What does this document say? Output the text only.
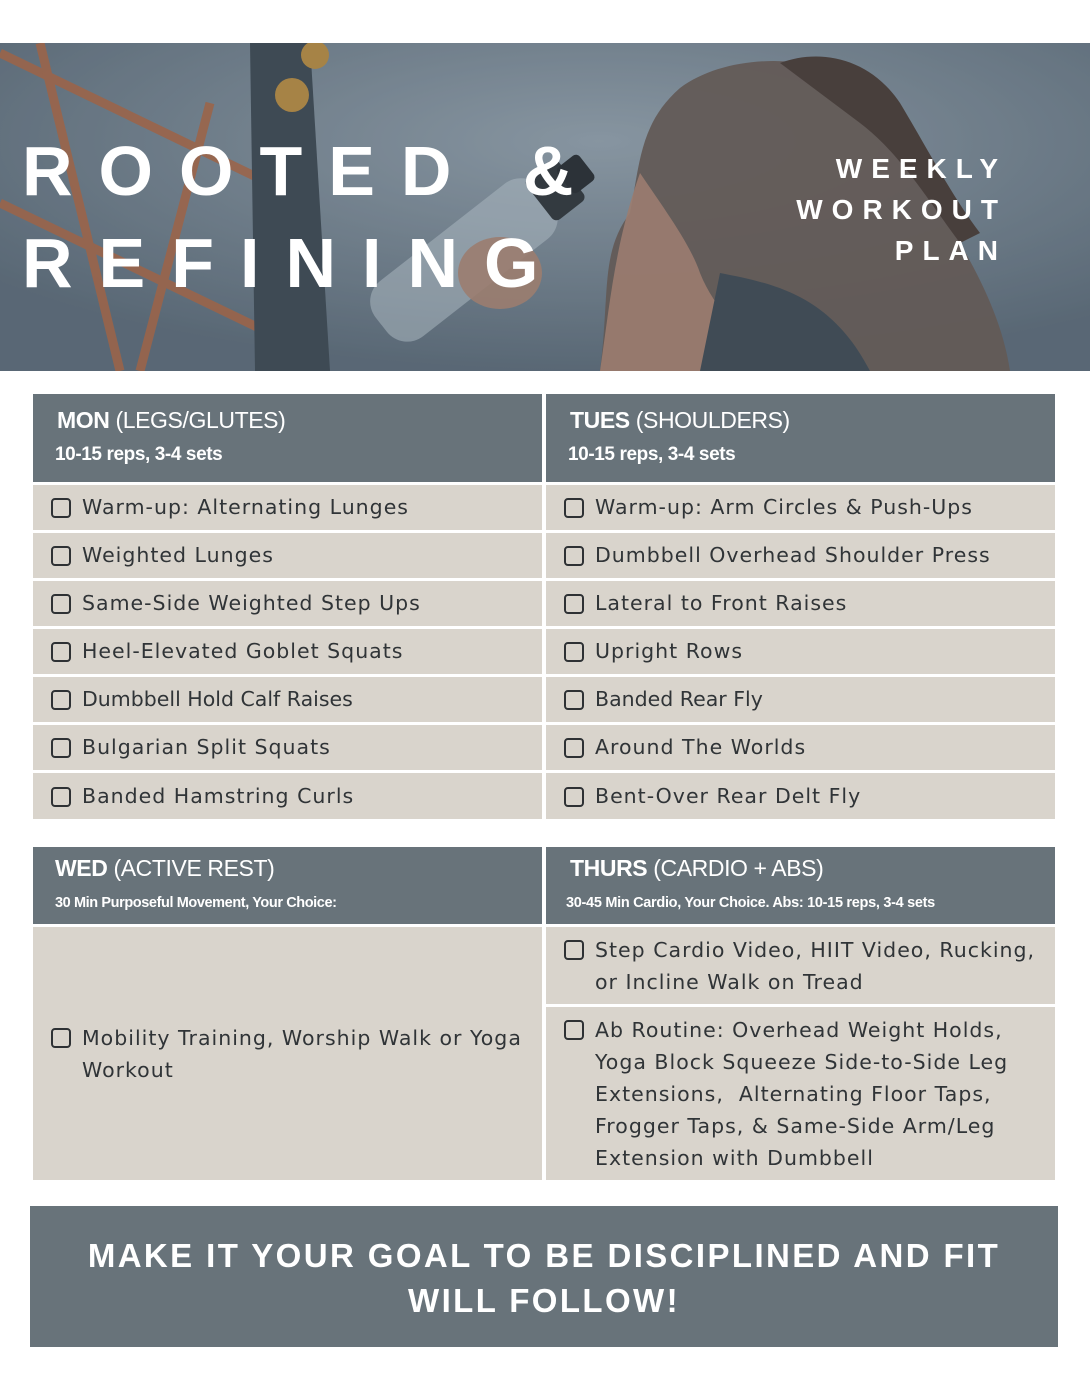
ROOTED &
REFINING
WEEKLY
WORKOUT
PLAN
MON (LEGS/GLUTES)
10-15 reps, 3-4 sets
Warm-up: Alternating Lunges
Weighted Lunges
Same-Side Weighted Step Ups
Heel-Elevated Goblet Squats
Dumbbell Hold Calf Raises
Bulgarian Split Squats
Banded Hamstring Curls
TUES (SHOULDERS)
10-15 reps, 3-4 sets
Warm-up: Arm Circles & Push-Ups
Dumbbell Overhead Shoulder Press
Lateral to Front Raises
Upright Rows
Banded Rear Fly
Around The Worlds
Bent-Over Rear Delt Fly
WED (ACTIVE REST)
30 Min Purposeful Movement, Your Choice:
Mobility Training, Worship Walk or Yoga
Workout
THURS (CARDIO + ABS)
30-45 Min Cardio, Your Choice. Abs: 10-15 reps, 3-4 sets
Step Cardio Video, HIIT Video, Rucking,
or Incline Walk on Tread
Ab Routine: Overhead Weight Holds,
Yoga Block Squeeze Side-to-Side Leg
Extensions,  Alternating Floor Taps,
Frogger Taps, & Same-Side Arm/Leg
Extension with Dumbbell
MAKE IT YOUR GOAL TO BE DISCIPLINED AND FIT
WILL FOLLOW!
